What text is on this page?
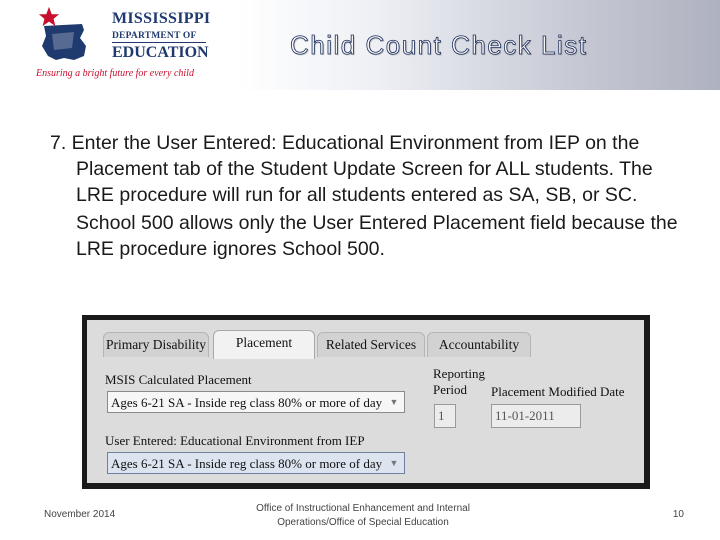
MISSISSIPPI
DEPARTMENT OF
EDUCATION
Ensuring a bright future for every child
Child Count Check List

7. Enter the User Entered: Educational Environment from IEP on the Placement tab of the Student Update Screen for ALL students. The LRE procedure will run for all students entered as SA, SB, or SC.

School 500 allows only the User Entered Placement field because the LRE procedure ignores School 500.

Primary Disability	Placement	Related Services	Accountability
MSIS Calculated Placement
Ages 6-21 SA - Inside reg class 80% or more of day ▼
Reporting
Period	Placement Modified Date
1	11-01-2011
User Entered: Educational Environment from IEP
Ages 6-21 SA - Inside reg class 80% or more of day ▼
November 2014
Office of Instructional Enhancement and Internal
Operations/Office of Special Education
10
